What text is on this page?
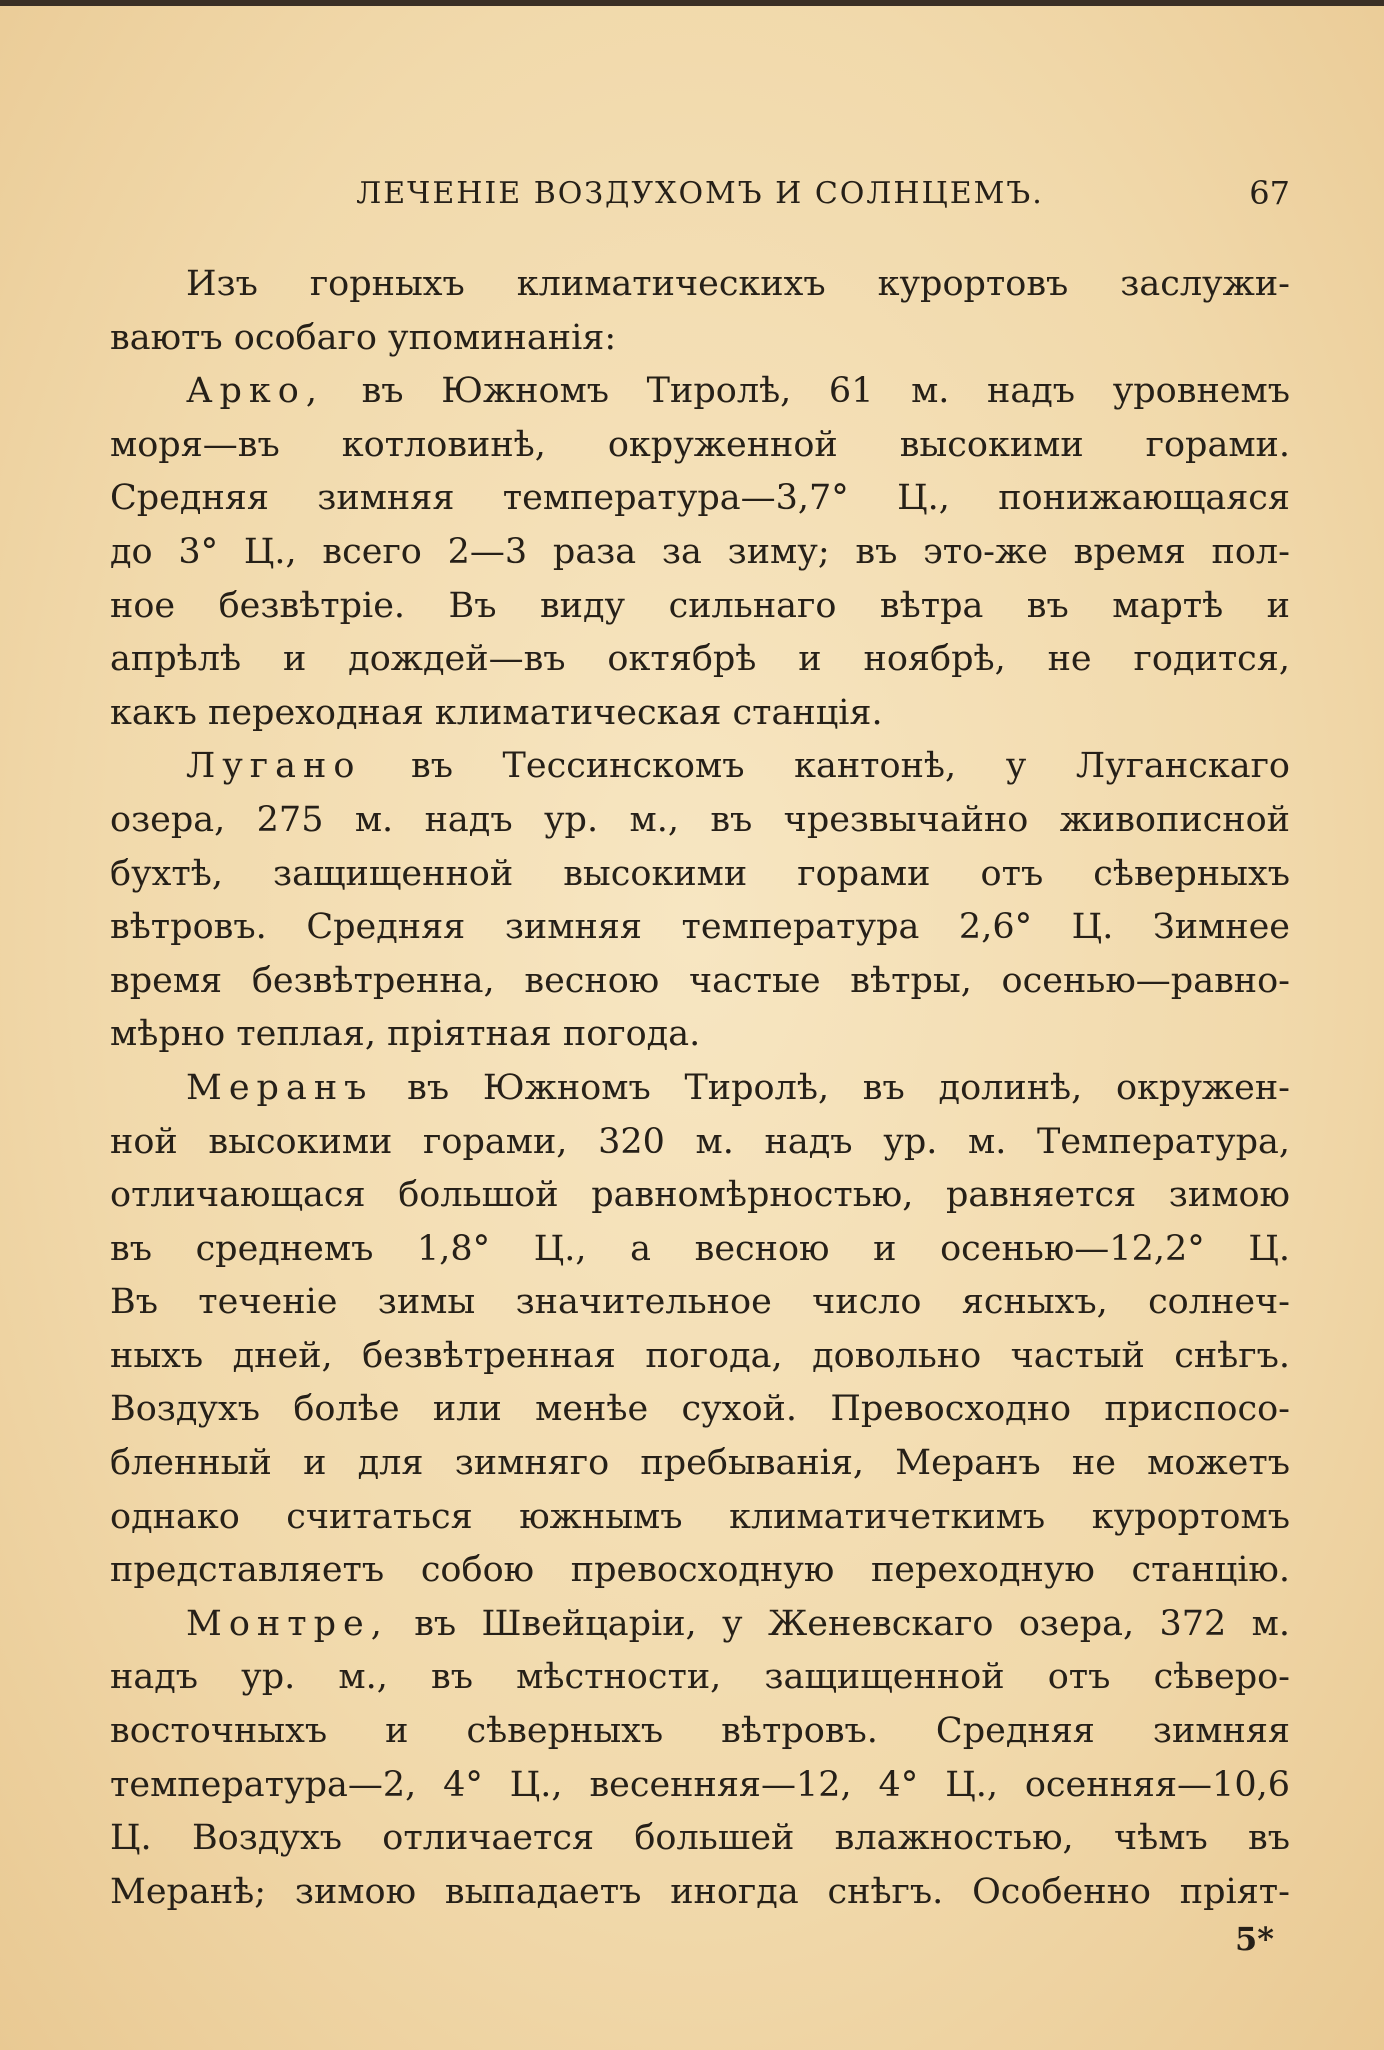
ЛЕЧЕНІЕ ВОЗДУХОМЪ И СОЛНЦЕМЪ.	67
Изъ горныхъ климатическихъ курортовъ заслужи-
ваютъ особаго упоминанія:
Арко, въ Южномъ Тиролѣ, 61 м. надъ уровнемъ
моря—въ котловинѣ, окруженной высокими горами.
Средняя зимняя температура—3,7° Ц., понижающаяся
до 3° Ц., всего 2—3 раза за зиму; въ это-же время пол-
ное безвѣтріе. Въ виду сильнаго вѣтра въ мартѣ и
апрѣлѣ и дождей—въ октябрѣ и ноябрѣ, не годится,
какъ переходная климатическая станція.
Лугано въ Тессинскомъ кантонѣ, у Луганскаго
озера, 275 м. надъ ур. м., въ чрезвычайно живописной
бухтѣ, защищенной высокими горами отъ сѣверныхъ
вѣтровъ. Средняя зимняя температура 2,6° Ц. Зимнее
время безвѣтренна, весною частые вѣтры, осенью—равно-
мѣрно теплая, пріятная погода.
Меранъ въ Южномъ Тиролѣ, въ долинѣ, окружен-
ной высокими горами, 320 м. надъ ур. м. Температура,
отличающася большой равномѣрностью, равняется зимою
въ среднемъ 1,8° Ц., а весною и осенью—12,2° Ц.
Въ теченіе зимы значительное число ясныхъ, солнеч-
ныхъ дней, безвѣтренная погода, довольно частый снѣгъ.
Воздухъ болѣе или менѣе сухой. Превосходно приспосо-
бленный и для зимняго пребыванія, Меранъ не можетъ
однако считаться южнымъ климатичеткимъ курортомъ
представляетъ собою превосходную переходную станцію.
Монтре, въ Швейцаріи, у Женевскаго озера, 372 м.
надъ ур. м., въ мѣстности, защищенной отъ сѣверо-
восточныхъ и сѣверныхъ вѣтровъ. Средняя зимняя
температура—2, 4° Ц., весенняя—12, 4° Ц., осенняя—10,6
Ц. Воздухъ отличается большей влажностью, чѣмъ въ
Меранѣ; зимою выпадаетъ иногда снѣгъ. Особенно пріят-
5*
